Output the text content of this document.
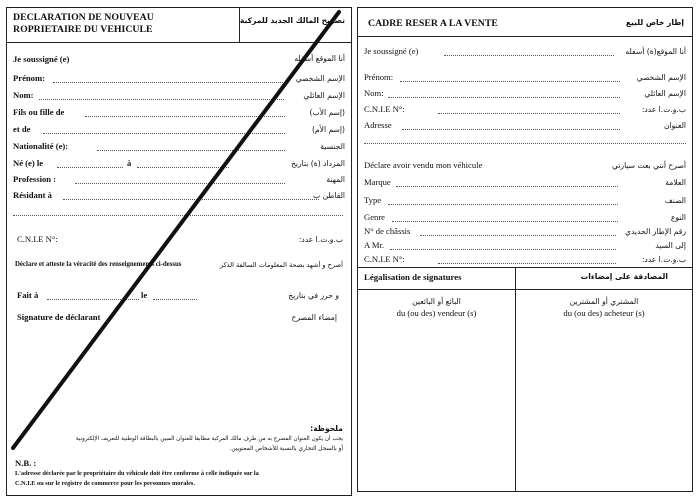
DECLARATION DE NOUVEAU
ROPRIETAIRE DU VEHICULE
تصريح المالك الجديد للمركبة
Je soussigné (e)	أنا الموقع أسفله
Prénom:	الإسم الشخصي
Nom:	الإسم العائلي
Fils ou fille de	(إسم الأب)
et de	(إسم الأم)
Nationalité (e):	الجنسية
Né (e) le	à	المزداد (ة) بتاريخ
Profession :	المهنة
Résidant à	القاطن ب
C.N.I.E N°:	ب.و.ت.ا عدد:
Déclare et atteste la véracité des renseignements ci-dessus	أصرح و أشهد بصحة المعلومات السالفة الذكر
Fait à	le	و حرر في بتاريخ
Signature de déclarant	إمضاء المصرح
ملحوظة:
يجب أن يكون العنوان المصرح به من طرف مالك المركبة مطابقا للعنوان المبين بالبطاقة الوطنية للتعريف الإلكترونية
أو بالسجل التجاري بالنسبة للأشخاص المعنويين.
N.B. :
L'adresse déclarée par le propriétaire du véhicule doit être conforme à celle indiquée sur la
C.N.I.E ou sur le registre de commerce pour les personnes morales.
CADRE RESER A LA VENTE	إطار خاص للبيع
Je soussigné (e)	أنا الموقع(ة) أسفله
Prénom:	الإسم الشخصي
Nom:	الإسم العائلي
C.N.I.E N°:	ب.و.ت.ا عدد:
Adresse	العنوان
Déclare avoir vendu mon véhicule	أصرح أنني بعت سيارتي
Marque	العلامة
Type	الصنف
Genre	النوع
N° de châssis	رقم الإطار الحديدي
A Mr.	إلى السيد
C.N.I.E N°:	ب.و.ت.ا عدد:
Légalisation de signatures	المصادقة على إمضاءات
البائع أو البائعين
du (ou des) vendeur (s)
المشتري أو المشترين
du (ou des) acheteur (s)
